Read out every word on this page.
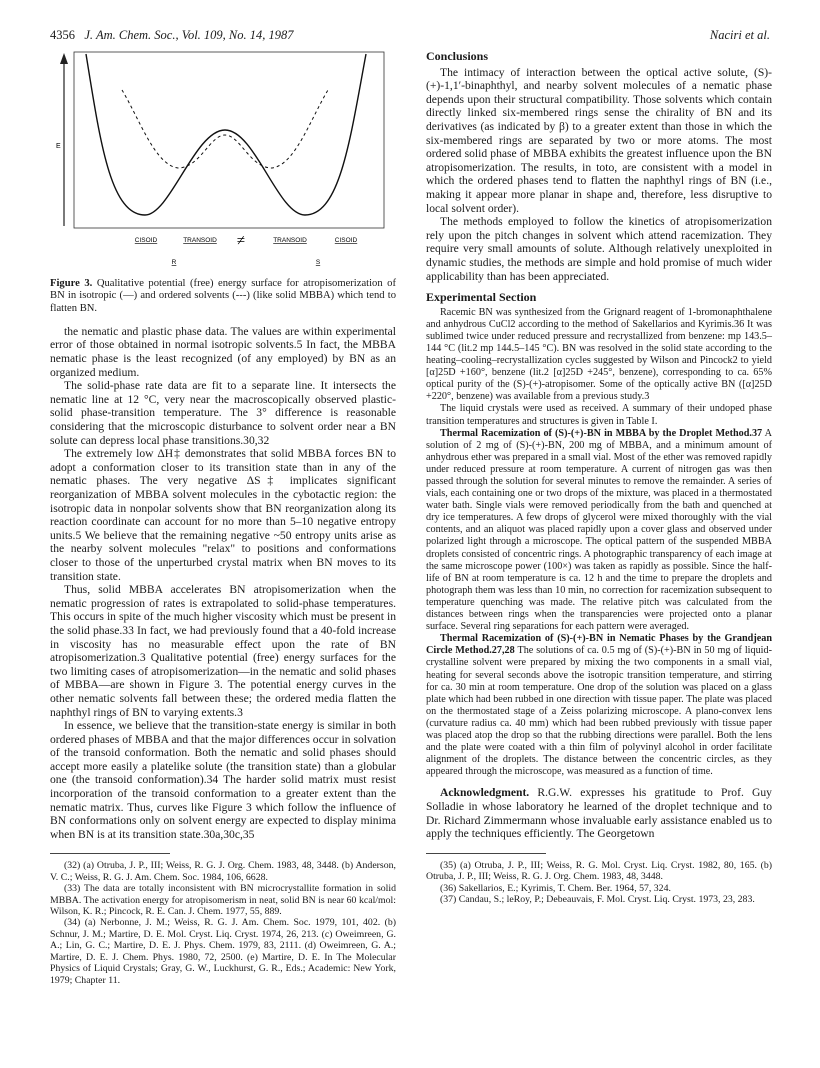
4356 J. Am. Chem. Soc., Vol. 109, No. 14, 1987	Naciri et al.
E
CISOID	TRANSOID ≠	TRANSOID	CISOID
R	S
Figure 3. Qualitative potential (free) energy surface for atropisomerization of BN in isotropic (—) and ordered solvents (---) (like solid MBBA) which tend to flatten BN.

the nematic and plastic phase data. The values are within experimental error of those obtained in normal isotropic solvents.5 In fact, the MBBA nematic phase is the least recognized (of any employed) by BN as an organized medium.

The solid-phase rate data are fit to a separate line. It intersects the nematic line at 12 °C, very near the macroscopically observed plastic-solid phase-transition temperature. The 3° difference is reasonable considering that the microscopic disturbance to solvent order near a BN solute can depress local phase transitions.30,32

The extremely low ΔH‡ demonstrates that solid MBBA forces BN to adopt a conformation closer to its transition state than in any of the nematic phases. The very negative ΔS‡ implicates significant reorganization of MBBA solvent molecules in the cybotactic region: the isotropic data in nonpolar solvents show that BN reorganization along its reaction coordinate can account for no more than 5–10 negative entropy units.5 We believe that the remaining negative ~50 entropy units arise as the nearby solvent molecules "relax" to positions and conformations closer to those of the unperturbed crystal matrix when BN moves to its transition state.

Thus, solid MBBA accelerates BN atropisomerization when the nematic progression of rates is extrapolated to solid-phase temperatures. This occurs in spite of the much higher viscosity which must be present in the solid phase.33 In fact, we had previously found that a 40-fold increase in viscosity has no measurable effect upon the rate of BN atropisomerization.3 Qualitative potential (free) energy surfaces for the two limiting cases of atropisomerization—in the nematic and solid phases of MBBA—are shown in Figure 3. The potential energy curves in the other nematic solvents fall between these; the ordered media flatten the naphthyl rings of BN to varying extents.3

In essence, we believe that the transition-state energy is similar in both ordered phases of MBBA and that the major differences occur in solvation of the transoid conformation. Both the nematic and solid phases should accept more easily a platelike solute (the transition state) than a globular one (the transoid conformation).34 The harder solid matrix must resist incorporation of the transoid conformation to a greater extent than the nematic matrix. Thus, curves like Figure 3 which follow the influence of BN conformations only on solvent energy are expected to display minima when BN is at its transition state.30a,30c,35

(32) (a) Otruba, J. P., III; Weiss, R. G. J. Org. Chem. 1983, 48, 3448. (b) Anderson, V. C.; Weiss, R. G. J. Am. Chem. Soc. 1984, 106, 6628.

(33) The data are totally inconsistent with BN microcrystallite formation in solid MBBA. The activation energy for atropisomerism in neat, solid BN is near 60 kcal/mol: Wilson, K. R.; Pincock, R. E. Can. J. Chem. 1977, 55, 889.

(34) (a) Nerbonne, J. M.; Weiss, R. G. J. Am. Chem. Soc. 1979, 101, 402. (b) Schnur, J. M.; Martire, D. E. Mol. Cryst. Liq. Cryst. 1974, 26, 213. (c) Oweimreen, G. A.; Lin, G. C.; Martire, D. E. J. Phys. Chem. 1979, 83, 2111. (d) Oweimreen, G. A.; Martire, D. E. J. Chem. Phys. 1980, 72, 2500. (e) Martire, D. E. In The Molecular Physics of Liquid Crystals; Gray, G. W., Luckhurst, G. R., Eds.; Academic: New York, 1979; Chapter 11.

Conclusions

The intimacy of interaction between the optical active solute, (S)-(+)-1,1′-binaphthyl, and nearby solvent molecules of a nematic phase depends upon their structural compatibility. Those solvents which contain directly linked six-membered rings sense the chirality of BN and its derivatives (as indicated by β) to a greater extent than those in which the six-membered rings are separated by two or more atoms. The most ordered solid phase of MBBA exhibits the greatest influence upon the BN atropisomerization. The results, in toto, are consistent with a model in which the ordered phases tend to flatten the naphthyl rings of BN (i.e., making it appear more planar in shape and, therefore, less disruptive to local solvent order).

The methods employed to follow the kinetics of atropisomerization rely upon the pitch changes in solvent which attend racemization. They require very small amounts of solute. Although relatively unexploited in dynamic studies, the methods are simple and hold promise of much wider applicability than has been appreciated.

Experimental Section

Racemic BN was synthesized from the Grignard reagent of 1-bromonaphthalene and anhydrous CuCl2 according to the method of Sakellarios and Kyrimis.36 It was sublimed twice under reduced pressure and recrystallized from benzene: mp 143.5–144 °C (lit.2 mp 144.5–145 °C). BN was resolved in the solid state according to the heating–cooling–recrystallization cycles suggested by Wilson and Pincock2 to yield [α]25D +160°, benzene (lit.2 [α]25D +245°, benzene), corresponding to ca. 65% optical purity of the (S)-(+)-atropisomer. Some of the optically active BN ([α]25D +220°, benzene) was available from a previous study.3

The liquid crystals were used as received. A summary of their undoped phase transition temperatures and structures is given in Table I.

Thermal Racemization of (S)-(+)-BN in MBBA by the Droplet Method.37 A solution of 2 mg of (S)-(+)-BN, 200 mg of MBBA, and a minimum amount of anhydrous ether was prepared in a small vial. Most of the ether was removed rapidly under reduced pressure at room temperature. A current of nitrogen gas was then passed through the solution for several minutes to remove the remainder. A series of vials, each containing one or two drops of the mixture, was placed in a thermostated water bath. Single vials were removed periodically from the bath and quenched at dry ice temperatures. A few drops of glycerol were mixed thoroughly with the vial contents, and an aliquot was placed rapidly upon a cover glass and observed under polarized light through a microscope. The optical pattern of the suspended MBBA droplets consisted of concentric rings. A photographic transparency of each image at the same microscope power (100×) was taken as rapidly as possible. Since the half-life of BN at room temperature is ca. 12 h and the time to prepare the droplets and photograph them was less than 10 min, no correction for racemization subsequent to temperature quenching was made. The relative pitch was calculated from the distances between rings when the transparencies were projected onto a planar surface. Several ring separations for each pattern were averaged.

Thermal Racemization of (S)-(+)-BN in Nematic Phases by the Grandjean Circle Method.27,28 The solutions of ca. 0.5 mg of (S)-(+)-BN in 50 mg of liquid-crystalline solvent were prepared by mixing the two components in a small vial, heating for several seconds above the isotropic transition temperature, and stirring for ca. 30 min at room temperature. One drop of the solution was placed on a glass plate which had been rubbed in one direction with tissue paper. The plate was placed on the thermostated stage of a Zeiss polarizing microscope. A plano-convex lens (curvature radius ca. 40 mm) which had been rubbed previously with tissue paper was placed atop the drop so that the rubbing directions were parallel. Both the lens and the plate were coated with a thin film of polyvinyl alcohol in order facilitate alignment of the droplets. The distance between the concentric circles, as they appeared through the microscope, was measured as a function of time.

Acknowledgment. R.G.W. expresses his gratitude to Prof. Guy Solladie in whose laboratory he learned of the droplet technique and to Dr. Richard Zimmermann whose invaluable early assistance enabled us to apply the techniques efficiently. The Georgetown

(35) (a) Otruba, J. P., III; Weiss, R. G. Mol. Cryst. Liq. Cryst. 1982, 80, 165. (b) Otruba, J. P., III; Weiss, R. G. J. Org. Chem. 1983, 48, 3448.

(36) Sakellarios, E.; Kyrimis, T. Chem. Ber. 1964, 57, 324.

(37) Candau, S.; leRoy, P.; Debeauvais, F. Mol. Cryst. Liq. Cryst. 1973, 23, 283.
